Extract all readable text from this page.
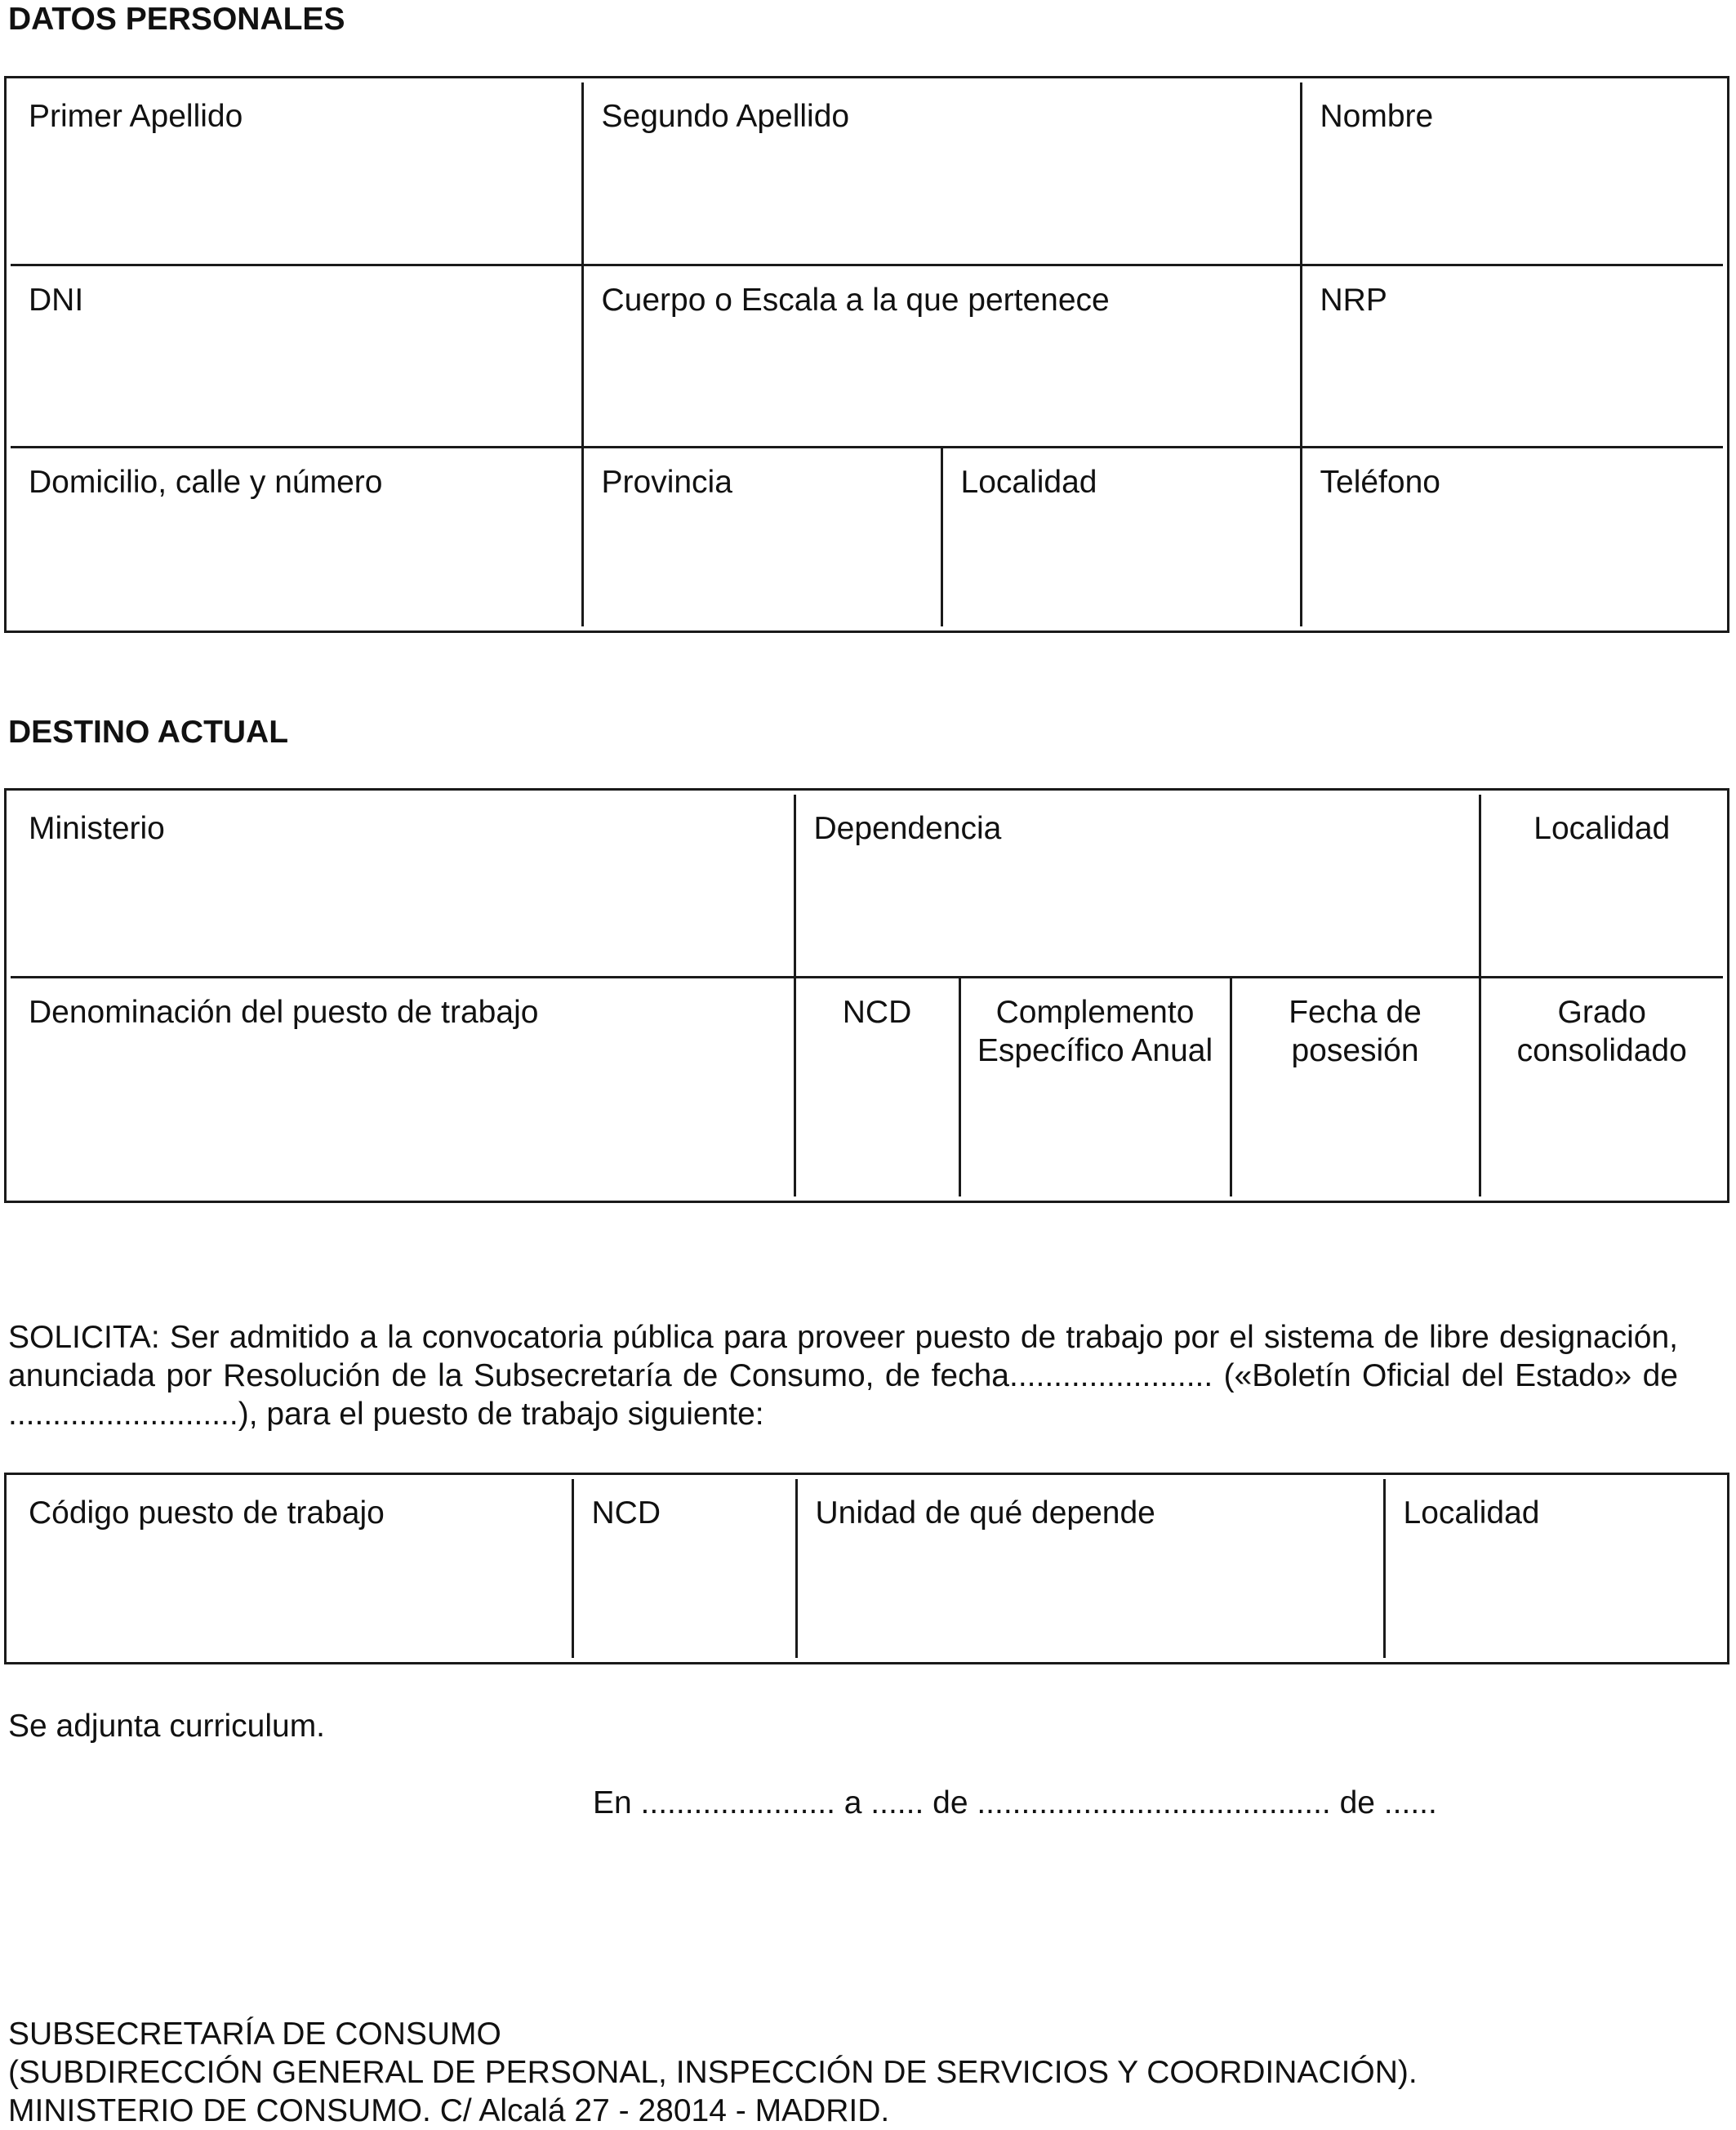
DATOS PERSONALES
Primer Apellido	Segundo Apellido		Nombre
DNI	Cuerpo o Escala a la que pertenece		NRP
Domicilio, calle y número	Provincia	Localidad	Teléfono
DESTINO ACTUAL
Ministerio	Dependencia			Localidad
Denominación del puesto de trabajo	NCD	Complemento Específico Anual	Fecha de posesión	Grado consolidado
SOLICITA: Ser admitido a la convocatoria pública para proveer puesto de trabajo por el sistema de libre designación, anunciada por Resolución de la Subsecretaría de Consumo, de fecha....................... («Boletín Oficial del Estado» de ..........................), para el puesto de trabajo siguiente:
Código puesto de trabajo	NCD	Unidad de qué depende	Localidad
Se adjunta curriculum.
En ...................... a ...... de ........................................ de ......
SUBSECRETARÍA DE CONSUMO
(SUBDIRECCIÓN GENERAL DE PERSONAL, INSPECCIÓN DE SERVICIOS Y COORDINACIÓN).
MINISTERIO DE CONSUMO. C/ Alcalá 27 - 28014 - MADRID.
